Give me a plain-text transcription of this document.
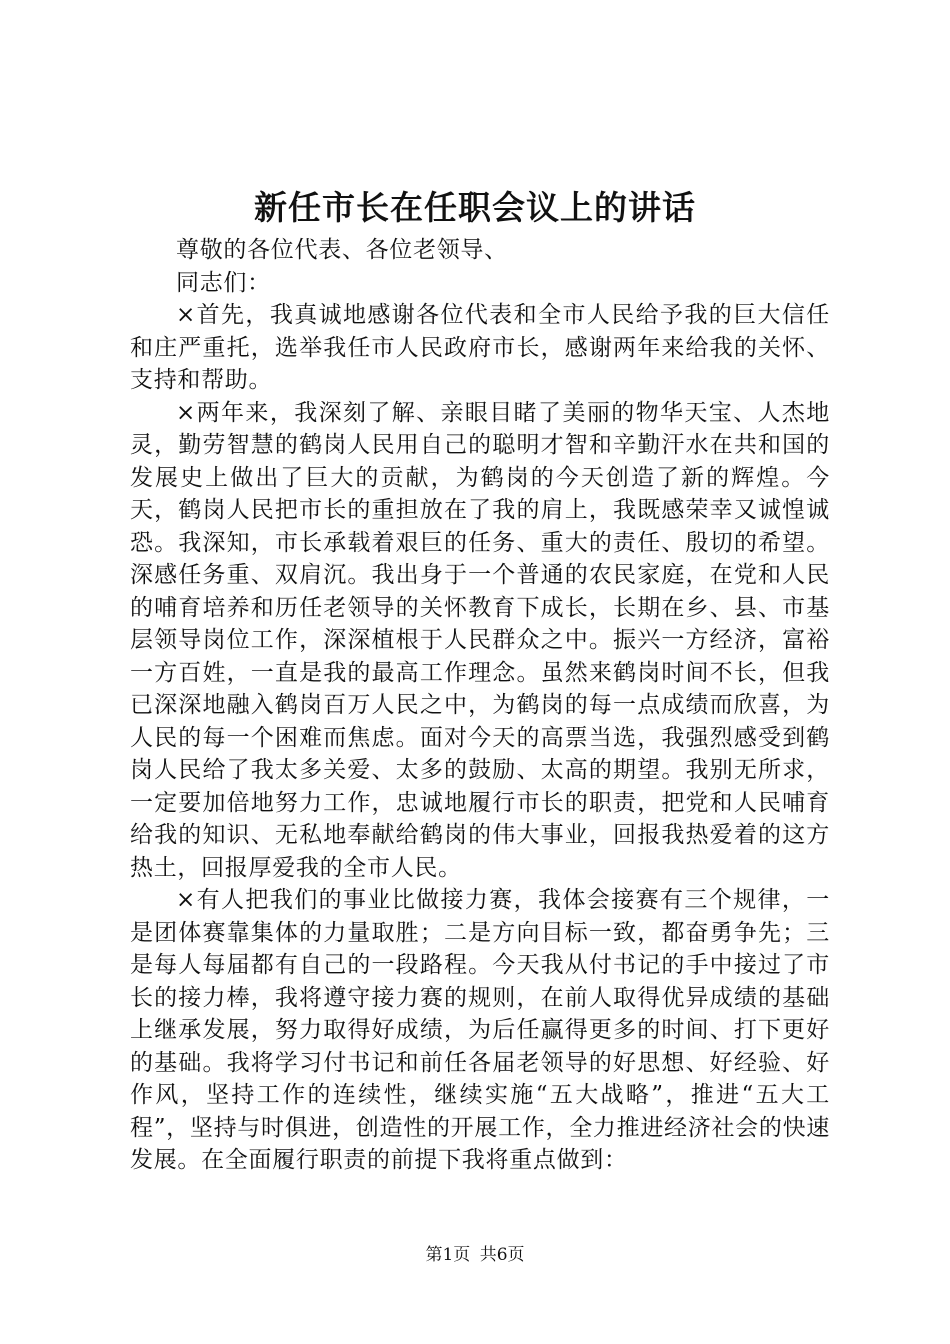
新任市长在任职会议上的讲话

尊敬的各位代表、各位老领导、

同志们：

×首先，我真诚地感谢各位代表和全市人民给予我的巨大信任和庄严重托，选举我任市人民政府市长，感谢两年来给我的关怀、支持和帮助。

×两年来，我深刻了解、亲眼目睹了美丽的物华天宝、人杰地灵，勤劳智慧的鹤岗人民用自己的聪明才智和辛勤汗水在共和国的发展史上做出了巨大的贡献，为鹤岗的今天创造了新的辉煌。今天，鹤岗人民把市长的重担放在了我的肩上，我既感荣幸又诚惶诚恐。我深知，市长承载着艰巨的任务、重大的责任、殷切的希望。深感任务重、双肩沉。我出身于一个普通的农民家庭，在党和人民的哺育培养和历任老领导的关怀教育下成长，长期在乡、县、市基层领导岗位工作，深深植根于人民群众之中。振兴一方经济，富裕一方百姓，一直是我的最高工作理念。虽然来鹤岗时间不长，但我已深深地融入鹤岗百万人民之中，为鹤岗的每一点成绩而欣喜，为人民的每一个困难而焦虑。面对今天的高票当选，我强烈感受到鹤岗人民给了我太多关爱、太多的鼓励、太高的期望。我别无所求，一定要加倍地努力工作，忠诚地履行市长的职责，把党和人民哺育给我的知识、无私地奉献给鹤岗的伟大事业，回报我热爱着的这方热土，回报厚爱我的全市人民。

×有人把我们的事业比做接力赛，我体会接赛有三个规律，一是团体赛靠集体的力量取胜；二是方向目标一致，都奋勇争先；三是每人每届都有自己的一段路程。今天我从付书记的手中接过了市长的接力棒，我将遵守接力赛的规则，在前人取得优异成绩的基础上继承发展，努力取得好成绩，为后任赢得更多的时间、打下更好的基础。我将学习付书记和前任各届老领导的好思想、好经验、好作风，坚持工作的连续性，继续实施“五大战略”，推进“五大工程”，坚持与时俱进，创造性的开展工作，全力推进经济社会的快速发展。在全面履行职责的前提下我将重点做到：

第1页 共6页
